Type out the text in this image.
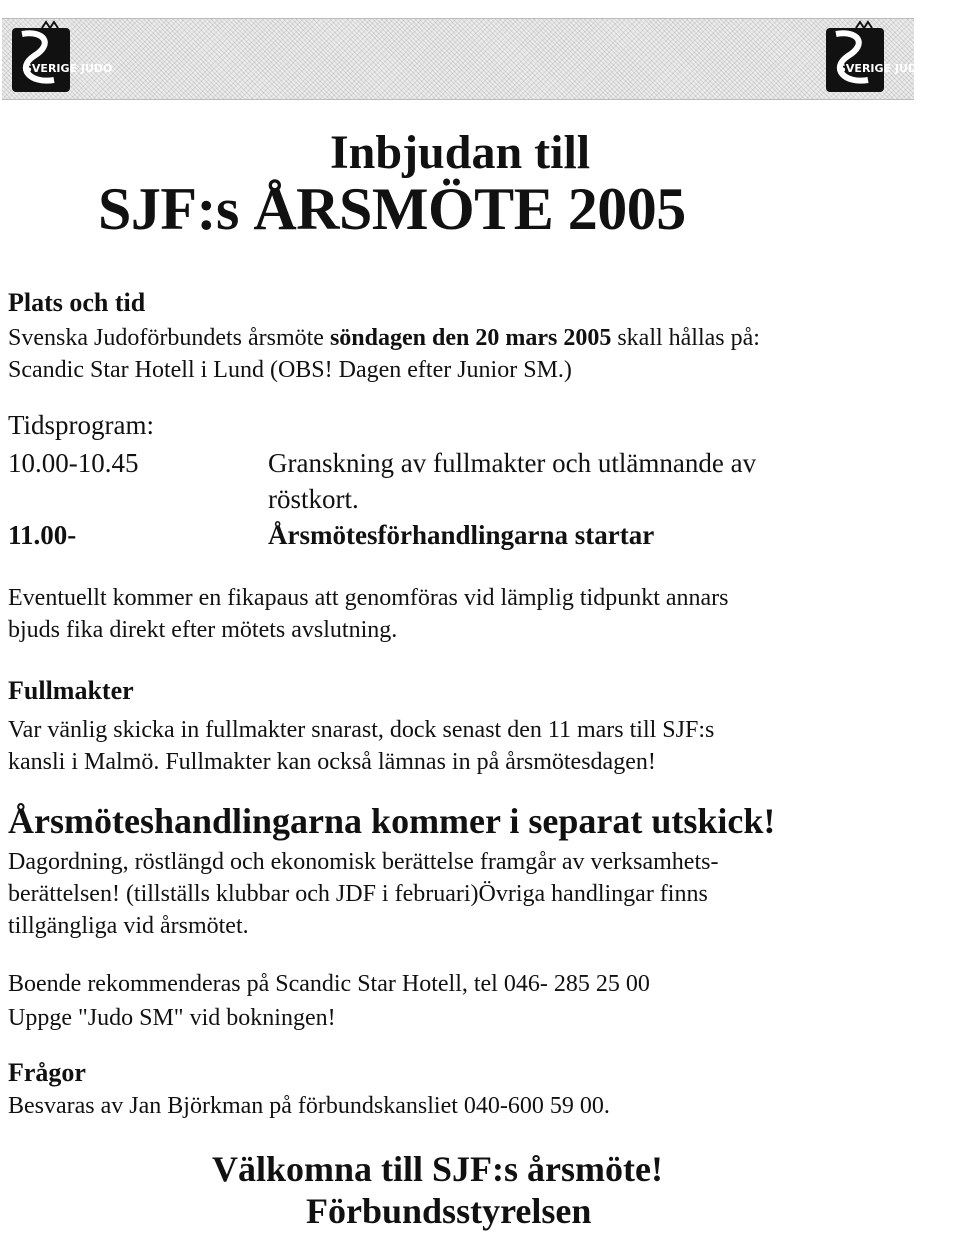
SVERIGE JUDO	SVERIGE JUDO
Inbjudan till
SJF:s ÅRSMÖTE 2005
Plats och tid
Svenska Judoförbundets årsmöte söndagen den 20 mars 2005 skall hållas på:
Scandic Star Hotell i Lund (OBS! Dagen efter Junior SM.)
Tidsprogram:
10.00-10.45	Granskning av fullmakter och utlämnande av
röstkort.
11.00-	Årsmötesförhandlingarna startar
Eventuellt kommer en fikapaus att genomföras vid lämplig tidpunkt annars
bjuds fika direkt efter mötets avslutning.
Fullmakter
Var vänlig skicka in fullmakter snarast, dock senast den 11 mars till SJF:s
kansli i Malmö. Fullmakter kan också lämnas in på årsmötesdagen!
Årsmöteshandlingarna kommer i separat utskick!
Dagordning, röstlängd och ekonomisk berättelse framgår av verksamhets-
berättelsen! (tillställs klubbar och JDF i februari)Övriga handlingar finns
tillgängliga vid årsmötet.
Boende rekommenderas på Scandic Star Hotell, tel 046- 285 25 00
Uppge "Judo SM" vid bokningen!
Frågor
Besvaras av Jan Björkman på förbundskansliet 040-600 59 00.
Välkomna till SJF:s årsmöte!
Förbundsstyrelsen
